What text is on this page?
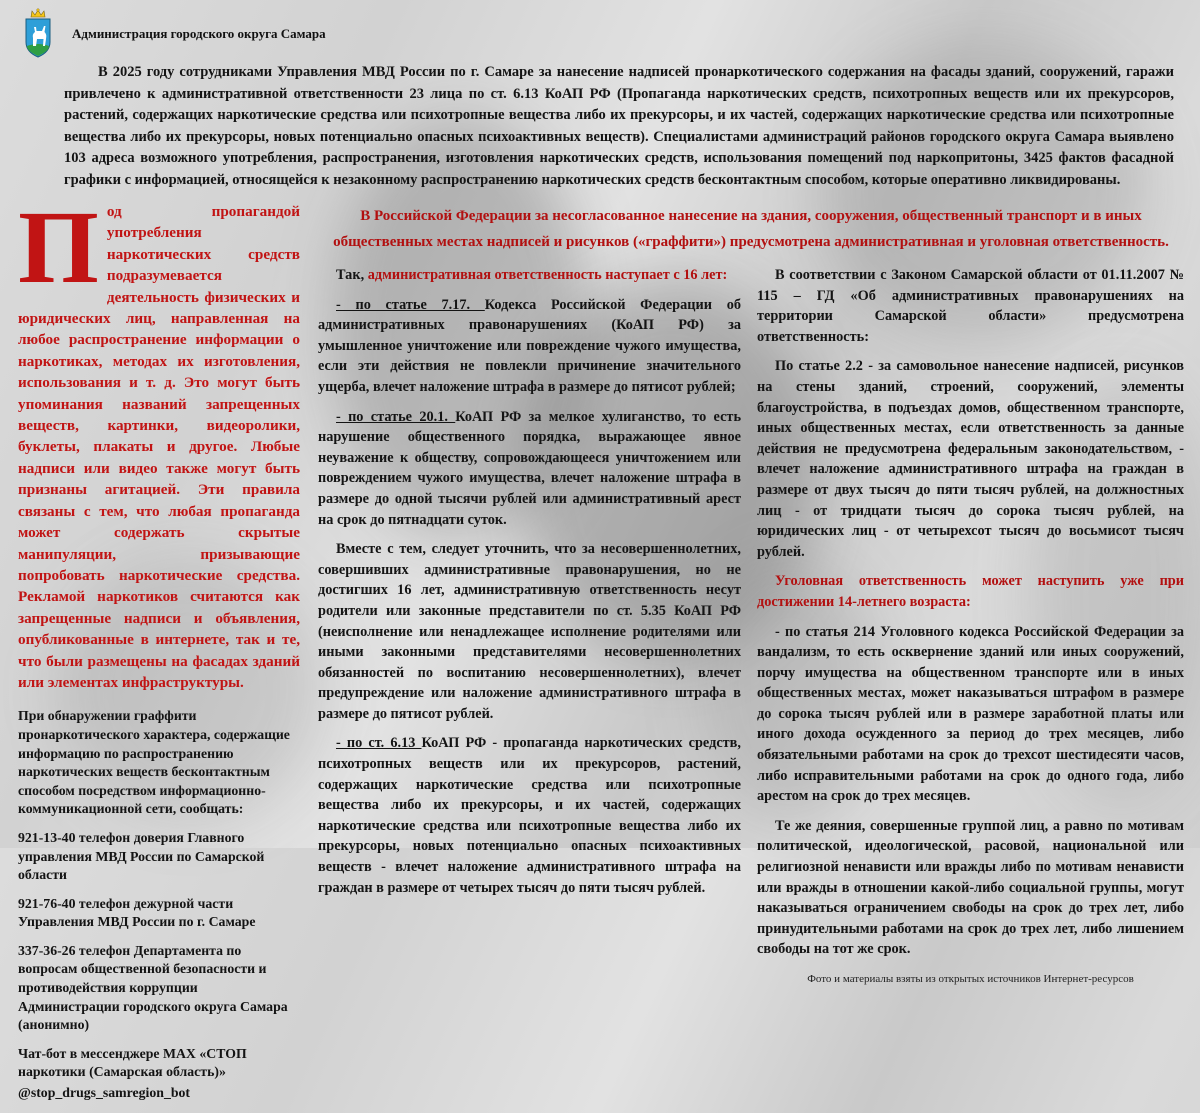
Администрация городского округа Самара
В 2025 году сотрудниками Управления МВД России по г. Самаре за нанесение надписей пронаркотического содержания на фасады зданий, сооружений, гаражи привлечено к административной ответственности 23 лица по ст. 6.13 КоАП РФ (Пропаганда наркотических средств, психотропных веществ или их прекурсоров, растений, содержащих наркотические средства или психотропные вещества либо их прекурсоры, и их частей, содержащих наркотические средства или психотропные вещества либо их прекурсоры, новых потенциально опасных психоактивных веществ). Специалистами администраций районов городского округа Самара выявлено 103 адреса возможного употребления, распространения, изготовления наркотических средств, использования помещений под наркопритоны, 3425 фактов фасадной графики с информацией, относящейся к незаконному распространению наркотических средств бесконтактным способом, которые оперативно ликвидированы.
Под пропагандой употребления наркотических средств подразумевается деятельность физических и юридических лиц, направленная на любое распространение информации о наркотиках, методах их изготовления, использования и т. д. Это могут быть упоминания названий запрещенных веществ, картинки, видеоролики, буклеты, плакаты и другое. Любые надписи или видео также могут быть признаны агитацией. Эти правила связаны с тем, что любая пропаганда может содержать скрытые манипуляции, призывающие попробовать наркотические средства. Рекламой наркотиков считаются как запрещенные надписи и объявления, опубликованные в интернете, так и те, что были размещены на фасадах зданий или элементах инфраструктуры.

При обнаружении граффити пронаркотического характера, содержащие информацию по распространению наркотических веществ бесконтактным способом посредством информационно-коммуникационной сети, сообщать:

921-13-40 телефон доверия Главного управления МВД России по Самарской области

921-76-40 телефон дежурной части Управления МВД России по г. Самаре

337-36-26 телефон Департамента по вопросам общественной безопасности и противодействия коррупции Администрации городского округа Самара (анонимно)

Чат-бот в мессенджере МАХ «СТОП наркотики (Самарская область)»

@stop_drugs_samregion_bot

В Российской Федерации за несогласованное нанесение на здания, сооружения, общественный транспорт и в иных общественных местах надписей и рисунков («граффити») предусмотрена административная и уголовная ответственность.

Так, административная ответственность наступает с 16 лет:

- по статье 7.17. Кодекса Российской Федерации об административных правонарушениях (КоАП РФ) за умышленное уничтожение или повреждение чужого имущества, если эти действия не повлекли причинение значительного ущерба, влечет наложение штрафа в размере до пятисот рублей;

- по статье 20.1. КоАП РФ за мелкое хулиганство, то есть нарушение общественного порядка, выражающее явное неуважение к обществу, сопровождающееся уничтожением или повреждением чужого имущества, влечет наложение штрафа в размере до одной тысячи рублей или административный арест на срок до пятнадцати суток.

Вместе с тем, следует уточнить, что за несовершеннолетних, совершивших административные правонарушения, но не достигших 16 лет, административную ответственность несут родители или законные представители по ст. 5.35 КоАП РФ (неисполнение или ненадлежащее исполнение родителями или иными законными представителями несовершеннолетних обязанностей по воспитанию несовершеннолетних), влечет предупреждение или наложение административного штрафа в размере до пятисот рублей.

- по ст. 6.13 КоАП РФ - пропаганда наркотических средств, психотропных веществ или их прекурсоров, растений, содержащих наркотические средства или психотропные вещества либо их прекурсоры, и их частей, содержащих наркотические средства или психотропные вещества либо их прекурсоры, новых потенциально опасных психоактивных веществ - влечет наложение административного штрафа на граждан в размере от четырех тысяч до пяти тысяч рублей.

В соответствии с Законом Самарской области от 01.11.2007 № 115 – ГД «Об административных правонарушениях на территории Самарской области» предусмотрена ответственность:

По статье 2.2 - за самовольное нанесение надписей, рисунков на стены зданий, строений, сооружений, элементы благоустройства, в подъездах домов, общественном транспорте, иных общественных местах, если ответственность за данные действия не предусмотрена федеральным законодательством, - влечет наложение административного штрафа на граждан в размере от двух тысяч до пяти тысяч рублей, на должностных лиц - от тридцати тысяч до сорока тысяч рублей, на юридических лиц - от четырехсот тысяч до восьмисот тысяч рублей.

Уголовная ответственность может наступить уже при достижении 14-летнего возраста:

- по статья 214 Уголовного кодекса Российской Федерации за вандализм, то есть осквернение зданий или иных сооружений, порчу имущества на общественном транспорте или в иных общественных местах, может наказываться штрафом в размере до сорока тысяч рублей или в размере заработной платы или иного дохода осужденного за период до трех месяцев, либо обязательными работами на срок до трехсот шестидесяти часов, либо исправительными работами на срок до одного года, либо арестом на срок до трех месяцев.

Те же деяния, совершенные группой лиц, а равно по мотивам политической, идеологической, расовой, национальной или религиозной ненависти или вражды либо по мотивам ненависти или вражды в отношении какой-либо социальной группы, могут наказываться ограничением свободы на срок до трех лет, либо принудительными работами на срок до трех лет, либо лишением свободы на тот же срок.

Фото и материалы взяты из открытых источников Интернет-ресурсов
